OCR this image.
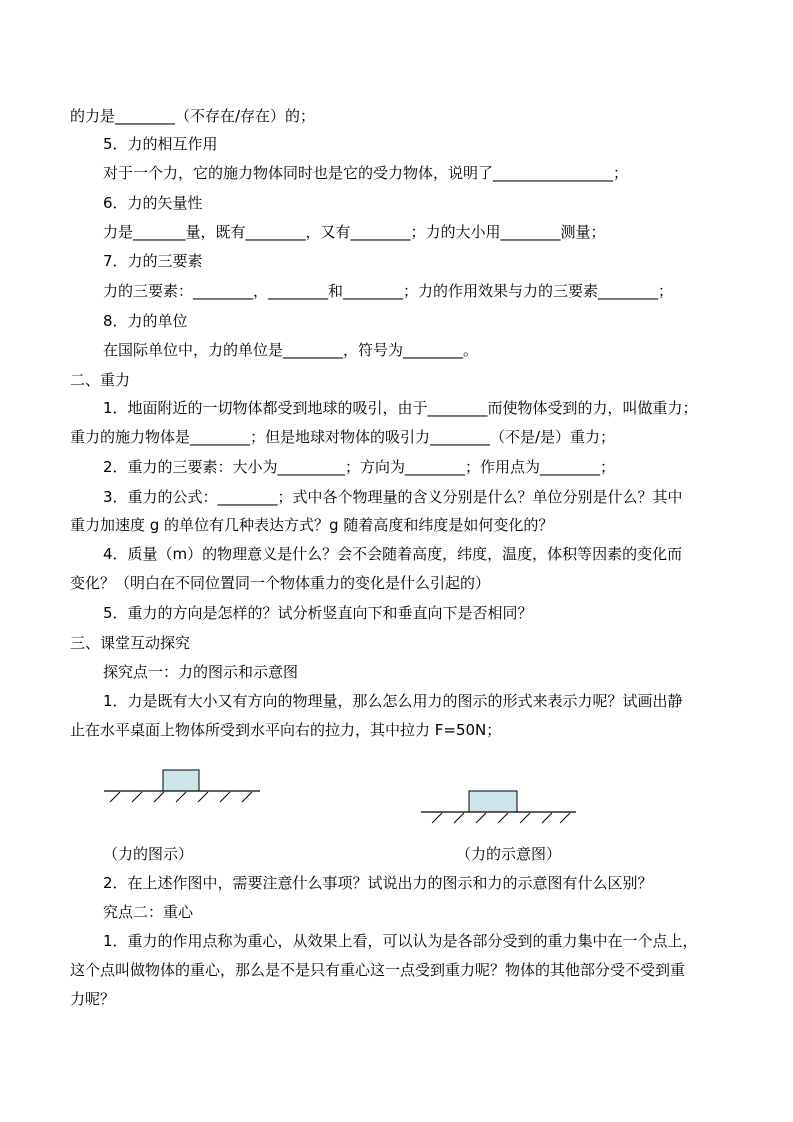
的力是________（不存在/存在）的；
5．力的相互作用
对于一个力，它的施力物体同时也是它的受力物体，说明了________________；
6．力的矢量性
力是_______量，既有________，又有________；力的大小用________测量；
7．力的三要素
力的三要素：________，________和________；力的作用效果与力的三要素________；
8．力的单位
在国际单位中，力的单位是________，符号为________。
二、重力
1．地面附近的一切物体都受到地球的吸引，由于________而使物体受到的力，叫做重力；
重力的施力物体是________；但是地球对物体的吸引力________（不是/是）重力；
2．重力的三要素：大小为_________；方向为________；作用点为________；
3．重力的公式：________；式中各个物理量的含义分别是什么？单位分别是什么？其中
重力加速度 g 的单位有几种表达方式？g 随着高度和纬度是如何变化的？
4．质量（m）的物理意义是什么？会不会随着高度，纬度，温度，体积等因素的变化而
变化？（明白在不同位置同一个物体重力的变化是什么引起的）
5．重力的方向是怎样的？试分析竖直向下和垂直向下是否相同？
三、课堂互动探究
探究点一：力的图示和示意图
1．力是既有大小又有方向的物理量，那么怎么用力的图示的形式来表示力呢？试画出静
止在水平桌面上物体所受到水平向右的拉力，其中拉力 F=50N；
（力的图示）	（力的示意图）
2．在上述作图中，需要注意什么事项？试说出力的图示和力的示意图有什么区别？
究点二：重心
1．重力的作用点称为重心，从效果上看，可以认为是各部分受到的重力集中在一个点上，
这个点叫做物体的重心，那么是不是只有重心这一点受到重力呢？物体的其他部分受不受到重
力呢？
